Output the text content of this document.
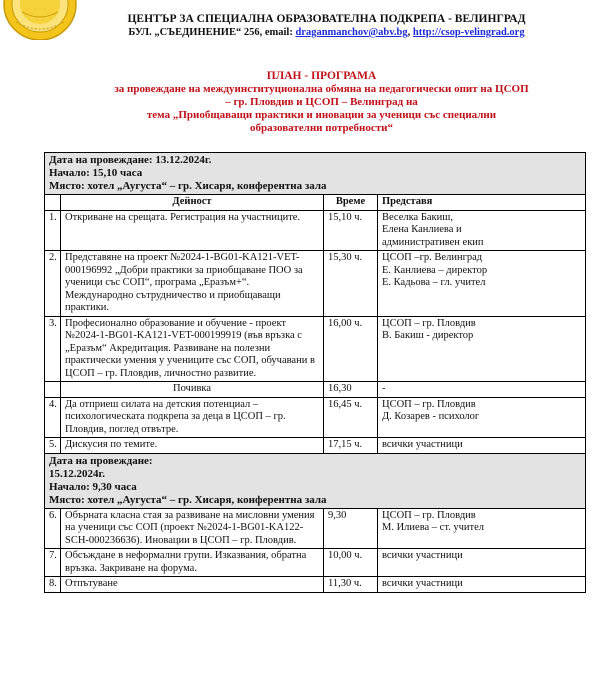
ЦЕНТЪР ЗА СПЕЦИАЛНА ОБРАЗОВАТЕЛНА ПОДКРЕПА - ВЕЛИНГРАД
БУЛ. „СЪЕДИНЕНИЕ“ 256, email: draganmanchov@abv.bg, http://csop-velingrad.org
ПЛАН - ПРОГРАМА
за провеждане на междуинституционална обмяна на педагогически опит на ЦСОП – гр. Пловдив и ЦСОП – Велинград на
тема „Приобщаващи практики и иновации за ученици със специални образователни потребности“
Дата на провеждане: 13.12.2024г.
Начало: 15,10 часа
Място: хотел „Аугуста“ – гр. Хисаря, конферентна зала			

	Дейност	Време	Представя
1.	Откриване на срещата. Регистрация на участниците.	15,10 ч.	Веселка Бакиш,
Елена Канлиева и
административен екип

2.	Представяне на проект №2024-1-BG01-KA121-VET-000196992 „Добри практики за приобщаване ПОО за ученици със СОП“, програма „Еразъм+“. Международно сътрудничество и приобщаващи практики.	15,30 ч.	ЦСОП –гр. Велинград
Е. Канлиева – директор
Е. Кадьова – гл. учител

3.	Професионално образование и обучение - проект №2024-1-BG01-KA121-VET-000199919 (във връзка с „Еразъм“ Акредитация. Развиване на полезни практически умения у учениците със СОП, обучавани в ЦСОП – гр. Пловдив, личностно развитие.	16,00 ч.	ЦСОП – гр. Пловдив
В. Бакиш - директор

	Почивка	16,30	-
4.	Да отприеш силата на детския потенциал – психологическата подкрепа за деца в ЦСОП – гр. Пловдив, поглед отвътре.	16,45 ч.	ЦСОП – гр. Пловдив
Д. Козарев - психолог

5.	Дискусия по темите.	17,15 ч.	всички участници

Дата на провеждане:
15.12.2024г.
Начало: 9,30 часа
Място: хотел „Аугуста“ – гр. Хисаря, конферентна зала			

6.	Обърната класна стая за развиване на мисловни умения на ученици със СОП (проект №2024-1-BG01-KA122-SCH-000236636). Иновации в ЦСОП – гр. Пловдив.	9,30	ЦСОП – гр. Пловдив
М. Илиева – ст. учител

7.	Обсъждане в неформални групи. Изказвания, обратна връзка. Закриване на форума.	10,00 ч.	всички участници

8.	Отпътуване	11,30 ч.	всички участници
